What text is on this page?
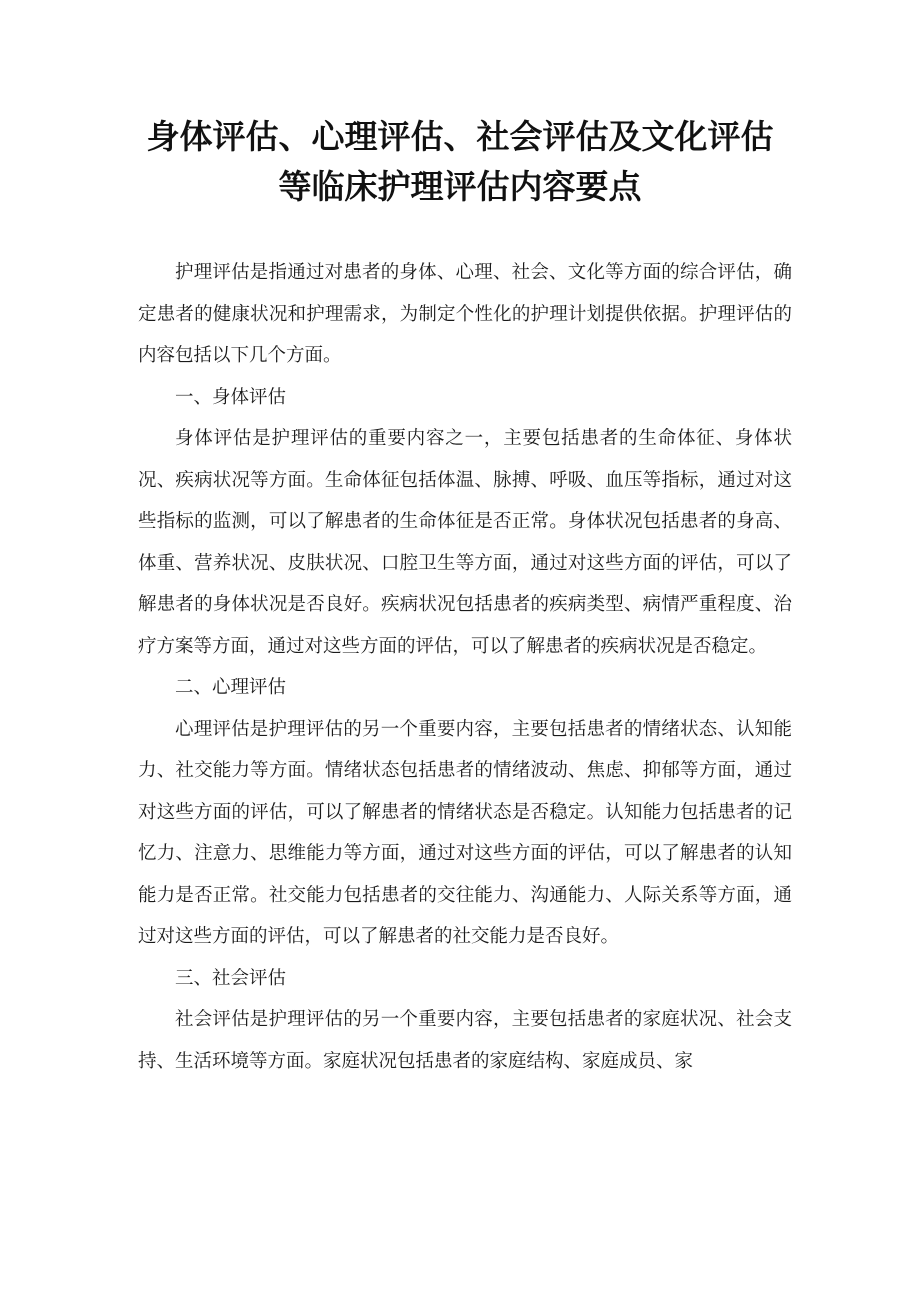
身体评估、心理评估、社会评估及文化评估
等临床护理评估内容要点

护理评估是指通过对患者的身体、心理、社会、文化等方面的综合评估，确定患者的健康状况和护理需求，为制定个性化的护理计划提供依据。护理评估的内容包括以下几个方面。

一、身体评估

身体评估是护理评估的重要内容之一，主要包括患者的生命体征、身体状况、疾病状况等方面。生命体征包括体温、脉搏、呼吸、血压等指标，通过对这些指标的监测，可以了解患者的生命体征是否正常。身体状况包括患者的身高、体重、营养状况、皮肤状况、口腔卫生等方面，通过对这些方面的评估，可以了解患者的身体状况是否良好。疾病状况包括患者的疾病类型、病情严重程度、治疗方案等方面，通过对这些方面的评估，可以了解患者的疾病状况是否稳定。

二、心理评估

心理评估是护理评估的另一个重要内容，主要包括患者的情绪状态、认知能力、社交能力等方面。情绪状态包括患者的情绪波动、焦虑、抑郁等方面，通过对这些方面的评估，可以了解患者的情绪状态是否稳定。认知能力包括患者的记忆力、注意力、思维能力等方面，通过对这些方面的评估，可以了解患者的认知能力是否正常。社交能力包括患者的交往能力、沟通能力、人际关系等方面，通过对这些方面的评估，可以了解患者的社交能力是否良好。

三、社会评估

社会评估是护理评估的另一个重要内容，主要包括患者的家庭状况、社会支持、生活环境等方面。家庭状况包括患者的家庭结构、家庭成员、家
